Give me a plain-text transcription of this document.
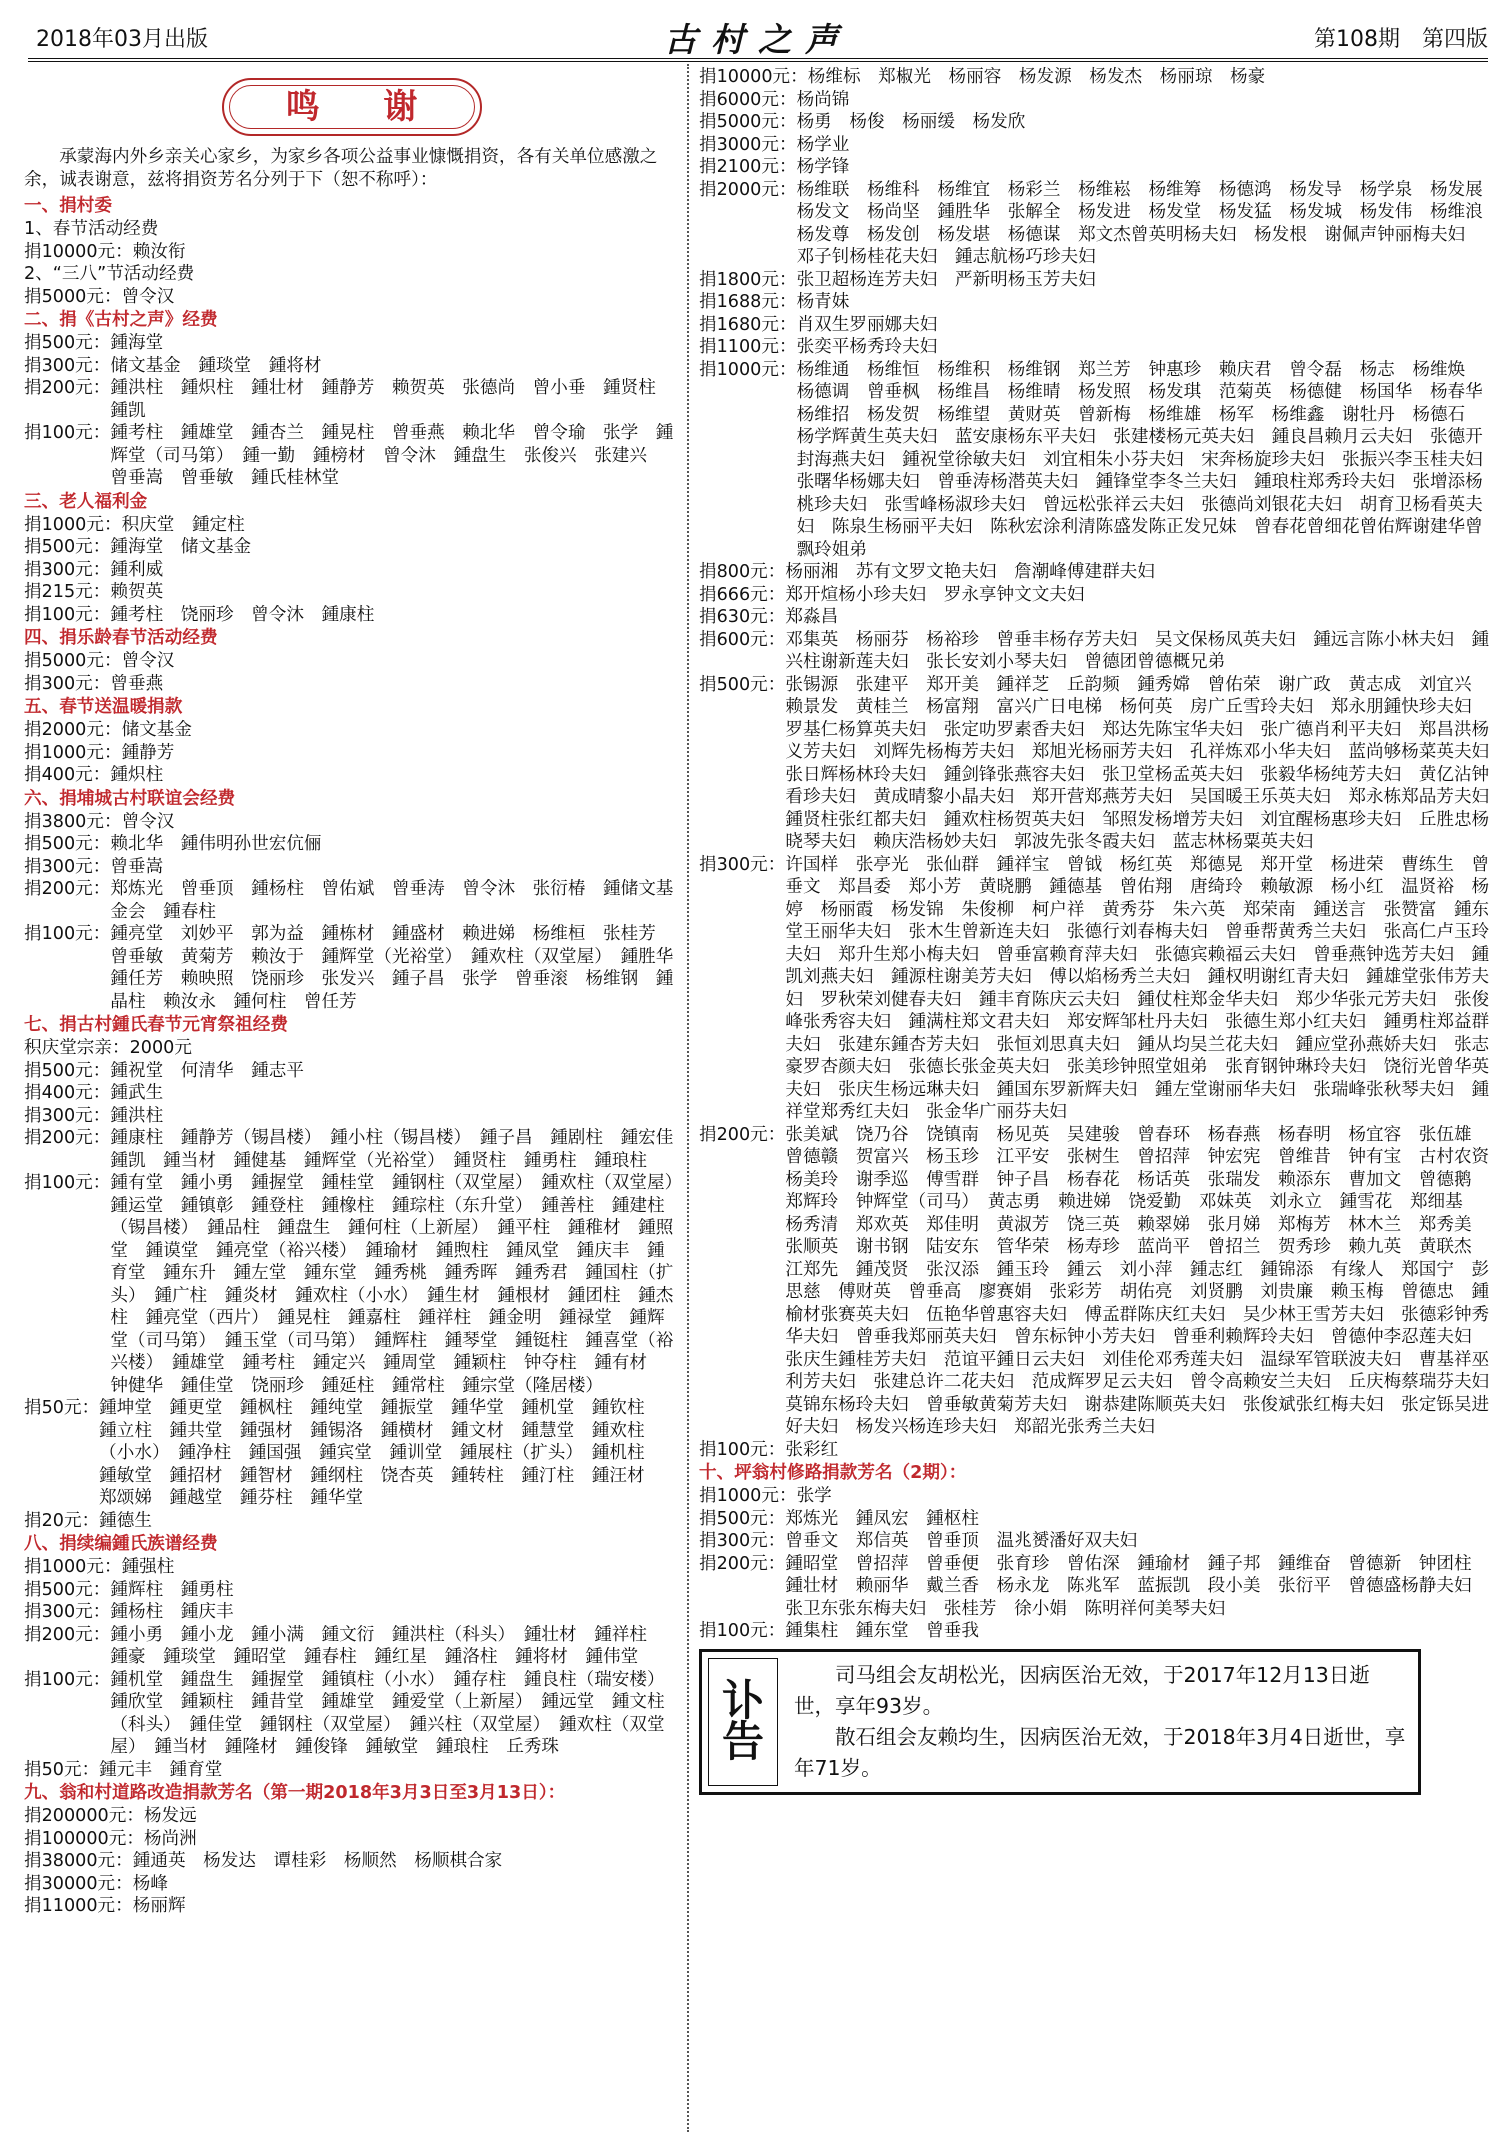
2018年03月出版	古村之声	第108期　第四版
鸣 谢

承蒙海内外乡亲关心家乡，为家乡各项公益事业慷慨捐资，各有关单位感激之余，诚表谢意，兹将捐资芳名分列于下（恕不称呼）：

一、捐村委
1、春节活动经费
捐10000元： 赖汝衔
2、“三八”节活动经费
捐5000元： 曾令汉
二、捐《古村之声》经费
捐500元： 鍾海堂
捐300元： 储文基金　鍾琰堂　鍾将材
捐200元： 鍾洪柱　鍾炽柱　鍾壮材　鍾静芳　赖贺英　张德尚　曾小垂　鍾贤柱　鍾凯
捐100元： 鍾考柱　鍾雄堂　鍾杏兰　鍾晃柱　曾垂燕　赖北华　曾令瑜　张学　鍾辉堂（司马第）　鍾一勤　鍾榜材　曾令沐　鍾盘生　张俊兴　张建兴　曾垂嵩　曾垂敏　鍾氏桂林堂
三、老人福利金
捐1000元： 积庆堂　鍾定柱
捐500元： 鍾海堂　储文基金
捐300元： 鍾利威
捐215元： 赖贺英
捐100元： 鍾考柱　饶丽珍　曾令沐　鍾康柱
四、捐乐龄春节活动经费
捐5000元： 曾令汉
捐300元： 曾垂燕
五、春节送温暖捐款
捐2000元： 储文基金
捐1000元： 鍾静芳
捐400元： 鍾炽柱
六、捐埔城古村联谊会经费
捐3800元： 曾令汉
捐500元： 赖北华　鍾伟明孙世宏伉俪
捐300元： 曾垂嵩
捐200元： 郑炼光　曾垂顶　鍾杨柱　曾佑斌　曾垂涛　曾令沐　张衍椿　鍾储文基金会　鍾春柱
捐100元： 鍾亮堂　刘妙平　郭为益　鍾栋材　鍾盛材　赖进娣　杨维桓　张桂芳　曾垂敏　黄菊芳　赖汝于　鍾辉堂（光裕堂）　鍾欢柱（双堂屋）　鍾胜华　鍾任芳　赖映照　饶丽珍　张发兴　鍾子昌　张学　曾垂滚　杨维钢　鍾晶柱　赖汝永　鍾何柱　曾任芳
七、捐古村鍾氏春节元宵祭祖经费
积庆堂宗亲：2000元
捐500元： 鍾祝堂　何清华　鍾志平
捐400元： 鍾武生
捐300元： 鍾洪柱
捐200元： 鍾康柱　鍾静芳（锡昌楼）　鍾小柱（锡昌楼）　鍾子昌　鍾剧柱　鍾宏佳　鍾凯　鍾当材　鍾健基　鍾辉堂（光裕堂）　鍾贤柱　鍾勇柱　鍾琅柱
捐100元： 鍾有堂　鍾小勇　鍾握堂　鍾桂堂　鍾钢柱（双堂屋）　鍾欢柱（双堂屋）　鍾运堂　鍾镇彰　鍾登柱　鍾橡柱　鍾琮柱（东升堂）　鍾善柱　鍾建柱（锡昌楼）　鍾品柱　鍾盘生　鍾何柱（上新屋）　鍾平柱　鍾稚材　鍾照堂　鍾谟堂　鍾亮堂（裕兴楼）　鍾瑜材　鍾煦柱　鍾凤堂　鍾庆丰　鍾育堂　鍾东升　鍾左堂　鍾东堂　鍾秀桃　鍾秀晖　鍾秀君　鍾国柱（扩头）　鍾广柱　鍾炎材　鍾欢柱（小水）　鍾生材　鍾根材　鍾团柱　鍾杰柱　鍾亮堂（西片）　鍾晃柱　鍾嘉柱　鍾祥柱　鍾金明　鍾禄堂　鍾辉堂（司马第）　鍾玉堂（司马第）　鍾辉柱　鍾琴堂　鍾铤柱　鍾喜堂（裕兴楼）　鍾雄堂　鍾考柱　鍾定兴　鍾周堂　鍾颖柱　钟夺柱　鍾有材　钟健华　鍾佳堂　饶丽珍　鍾延柱　鍾常柱　鍾宗堂（隆居楼）
捐50元： 鍾坤堂　鍾更堂　鍾枫柱　鍾纯堂　鍾振堂　鍾华堂　鍾机堂　鍾钦柱　鍾立柱　鍾共堂　鍾强材　鍾锡洛　鍾横材　鍾文材　鍾慧堂　鍾欢柱（小水）　鍾净柱　鍾国强　鍾宾堂　鍾训堂　鍾展柱（扩头）　鍾机柱　鍾敏堂　鍾招材　鍾智材　鍾纲柱　饶杏英　鍾转柱　鍾汀柱　鍾汪材　郑颂娣　鍾越堂　鍾芬柱　鍾华堂
捐20元： 鍾德生
八、捐续编鍾氏族谱经费
捐1000元： 鍾强柱
捐500元： 鍾辉柱　鍾勇柱
捐300元： 鍾杨柱　鍾庆丰
捐200元： 鍾小勇　鍾小龙　鍾小满　鍾文衍　鍾洪柱（科头）　鍾壮材　鍾祥柱　鍾豪　鍾琰堂　鍾昭堂　鍾春柱　鍾红星　鍾洛柱　鍾将材　鍾伟堂
捐100元： 鍾机堂　鍾盘生　鍾握堂　鍾镇柱（小水）　鍾存柱　鍾良柱（瑞安楼）　鍾欣堂　鍾颖柱　鍾昔堂　鍾雄堂　鍾爱堂（上新屋）　鍾远堂　鍾文柱（科头）　鍾佳堂　鍾钢柱（双堂屋）　鍾兴柱（双堂屋）　鍾欢柱（双堂屋）　鍾当材　鍾隆材　鍾俊锋　鍾敏堂　鍾琅柱　丘秀珠
捐50元： 鍾元丰　鍾育堂
九、翁和村道路改造捐款芳名（第一期2018年3月3日至3月13日）：
捐200000元： 杨发远
捐100000元： 杨尚洲
捐38000元： 鍾通英　杨发达　谭桂彩　杨顺然　杨顺棋合家
捐30000元： 杨峰
捐11000元： 杨丽辉
捐10000元： 杨维标　郑椒光　杨丽容　杨发源　杨发杰　杨丽琼　杨豪
捐6000元： 杨尚锦
捐5000元： 杨勇　杨俊　杨丽缓　杨发欣
捐3000元： 杨学业
捐2100元： 杨学锋
捐2000元： 杨维联　杨维科　杨维宜　杨彩兰　杨维崧　杨维筹　杨德鸿　杨发导　杨学泉　杨发展　杨发文　杨尚坚　鍾胜华　张解全　杨发进　杨发堂　杨发猛　杨发城　杨发伟　杨维浪　杨发尊　杨发创　杨发堪　杨德谋　郑文杰曾英明杨夫妇　杨发根　谢佩声钟丽梅夫妇　邓子钊杨桂花夫妇　鍾志航杨巧珍夫妇
捐1800元： 张卫超杨连芳夫妇　严新明杨玉芳夫妇
捐1688元： 杨青妹
捐1680元： 肖双生罗丽娜夫妇
捐1100元： 张奕平杨秀玲夫妇
捐1000元： 杨维通　杨维恒　杨维积　杨维钢　郑兰芳　钟惠珍　赖庆君　曾令磊　杨志　杨维焕　杨德调　曾垂枫　杨维昌　杨维晴　杨发照　杨发琪　范菊英　杨德健　杨国华　杨春华　杨维招　杨发贺　杨维望　黄财英　曾新梅　杨维雄　杨军　杨维鑫　谢牡丹　杨德石　杨学辉黄生英夫妇　蓝安康杨东平夫妇　张建楼杨元英夫妇　鍾良昌赖月云夫妇　张德开封海燕夫妇　鍾祝堂徐敏夫妇　刘宜相朱小芬夫妇　宋奔杨旋珍夫妇　张振兴李玉桂夫妇　张曙华杨娜夫妇　曾垂涛杨潜英夫妇　鍾锋堂李冬兰夫妇　鍾琅柱郑秀玲夫妇　张增添杨桃珍夫妇　张雪峰杨淑珍夫妇　曾远松张祥云夫妇　张德尚刘银花夫妇　胡育卫杨看英夫妇　陈泉生杨丽平夫妇　陈秋宏涂利清陈盛发陈正发兄妹　曾春花曾细花曾佑辉谢建华曾飘玲姐弟
捐800元： 杨丽湘　苏有文罗文艳夫妇　詹潮峰傅建群夫妇
捐666元： 郑开煊杨小珍夫妇　罗永享钟文文夫妇
捐630元： 郑淼昌
捐600元： 邓集英　杨丽芬　杨裕珍　曾垂丰杨存芳夫妇　吴文保杨凤英夫妇　鍾远言陈小林夫妇　鍾兴柱谢新莲夫妇　张长安刘小琴夫妇　曾德团曾德概兄弟
捐500元： 张锡源　张建平　郑开美　鍾祥芝　丘韵频　鍾秀嫦　曾佑荣　谢广政　黄志成　刘宜兴　赖景发　黄桂兰　杨富翔　富兴广日电梯　杨何英　房广丘雪玲夫妇　郑永朋鍾快珍夫妇　罗基仁杨算英夫妇　张定叻罗素香夫妇　郑达先陈宝华夫妇　张广德肖利平夫妇　郑昌洪杨义芳夫妇　刘辉先杨梅芳夫妇　郑旭光杨丽芳夫妇　孔祥炼邓小华夫妇　蓝尚够杨菜英夫妇　张日辉杨林玲夫妇　鍾剑锋张燕容夫妇　张卫堂杨孟英夫妇　张毅华杨纯芳夫妇　黄亿沾钟看珍夫妇　黄成晴黎小晶夫妇　郑开营郑燕芳夫妇　吴国暖王乐英夫妇　郑永栋郑品芳夫妇　鍾贤柱张红都夫妇　鍾欢柱杨贺英夫妇　邹照发杨增芳夫妇　刘宜醒杨惠珍夫妇　丘胜忠杨晓琴夫妇　赖庆浩杨妙夫妇　郭波先张冬霞夫妇　蓝志林杨粟英夫妇
捐300元： 许国样　张亭光　张仙群　鍾祥宝　曾钺　杨红英　郑德晃　郑开堂　杨进荣　曹练生　曾垂文　郑昌委　郑小芳　黄晓鹏　鍾德基　曾佑翔　唐绮玲　赖敏源　杨小红　温贤裕　杨婷　杨丽霞　杨发锦　朱俊柳　柯户祥　黄秀芬　朱六英　郑荣南　鍾送言　张赞富　鍾东堂王丽华夫妇　张木生曾新连夫妇　张德行刘春梅夫妇　曾垂帮黄秀兰夫妇　张高仁卢玉玲夫妇　郑升生郑小梅夫妇　曾垂富赖育萍夫妇　张德宾赖福云夫妇　曾垂燕钟选芳夫妇　鍾凯刘燕夫妇　鍾源柱谢美芳夫妇　傅以焰杨秀兰夫妇　鍾权明谢红青夫妇　鍾雄堂张伟芳夫妇　罗秋荣刘健春夫妇　鍾丰育陈庆云夫妇　鍾仗柱郑金华夫妇　郑少华张元芳夫妇　张俊峰张秀容夫妇　鍾满柱郑文君夫妇　郑安辉邹杜丹夫妇　张德生郑小红夫妇　鍾勇柱郑益群夫妇　张建东鍾杏芳夫妇　张恒刘思真夫妇　鍾从均吴兰花夫妇　鍾应堂孙燕娇夫妇　张志豪罗杏颜夫妇　张德长张金英夫妇　张美珍钟照堂姐弟　张育钢钟琳玲夫妇　饶衍光曾华英夫妇　张庆生杨远琳夫妇　鍾国东罗新辉夫妇　鍾左堂谢丽华夫妇　张瑞峰张秋琴夫妇　鍾祥堂郑秀红夫妇　张金华广丽芬夫妇
捐200元： 张美斌　饶乃谷　饶镇南　杨见英　吴建骏　曾春环　杨春燕　杨春明　杨宜容　张伍雄　曾德赣　贺富兴　杨玉珍　江平安　张树生　曾招萍　钟宏宪　曾维昔　钟有宝　古村农资　杨美玲　谢季巡　傅雪群　钟子昌　杨春花　杨话英　张瑞发　赖添东　曹加文　曾德鹅　郑辉玲　钟辉堂（司马）　黄志勇　赖进娣　饶爱勤　邓妹英　刘永立　鍾雪花　郑细基　杨秀清　郑欢英　郑佳明　黄淑芳　饶三英　赖翠娣　张月娣　郑梅芳　林木兰　郑秀美　张顺英　谢书钢　陆安东　管华荣　杨寿珍　蓝尚平　曾招兰　贺秀珍　赖九英　黄联杰　江郑先　鍾茂贤　张汉添　鍾玉玲　鍾云　刘小萍　鍾志红　鍾锦添　有缘人　郑国宁　彭思慈　傅财英　曾垂高　廖赛娟　张彩芳　胡佑亮　刘贤鹏　刘贵廉　赖玉梅　曾德忠　鍾榆材张赛英夫妇　伍艳华曾惠容夫妇　傅孟群陈庆红夫妇　吴少林王雪芳夫妇　张德彩钟秀华夫妇　曾垂我郑丽英夫妇　曾东标钟小芳夫妇　曾垂利赖辉玲夫妇　曾德仲李忍莲夫妇　张庆生鍾桂芳夫妇　范谊平鍾日云夫妇　刘佳伦邓秀莲夫妇　温绿军管联波夫妇　曹基祥巫利芳夫妇　张建总许二花夫妇　范成辉罗足云夫妇　曾令高赖安兰夫妇　丘庆梅蔡瑞芬夫妇　莫锦东杨玲夫妇　曾垂敏黄菊芳夫妇　谢恭建陈顺英夫妇　张俊斌张红梅夫妇　张定铄吴进好夫妇　杨发兴杨连珍夫妇　郑韶光张秀兰夫妇
捐100元： 张彩红
十、坪翁村修路捐款芳名（2期）：
捐1000元： 张学
捐500元： 郑炼光　鍾凤宏　鍾枢柱
捐300元： 曾垂文　郑信英　曾垂顶　温兆赟潘好双夫妇
捐200元： 鍾昭堂　曾招萍　曾垂便　张育珍　曾佑深　鍾瑜材　鍾子邦　鍾维奋　曾德新　钟团柱　鍾壮材　赖丽华　戴兰香　杨永龙　陈兆军　蓝振凯　段小美　张衍平　曾德盛杨静夫妇　张卫东张东梅夫妇　张桂芳　徐小娟　陈明祥何美琴夫妇
捐100元： 鍾集柱　鍾东堂　曾垂我
讣
告

司马组会友胡松光，因病医治无效，于2017年12月13日逝世，享年93岁。

散石组会友赖均生，因病医治无效，于2018年3月4日逝世，享年71岁。
